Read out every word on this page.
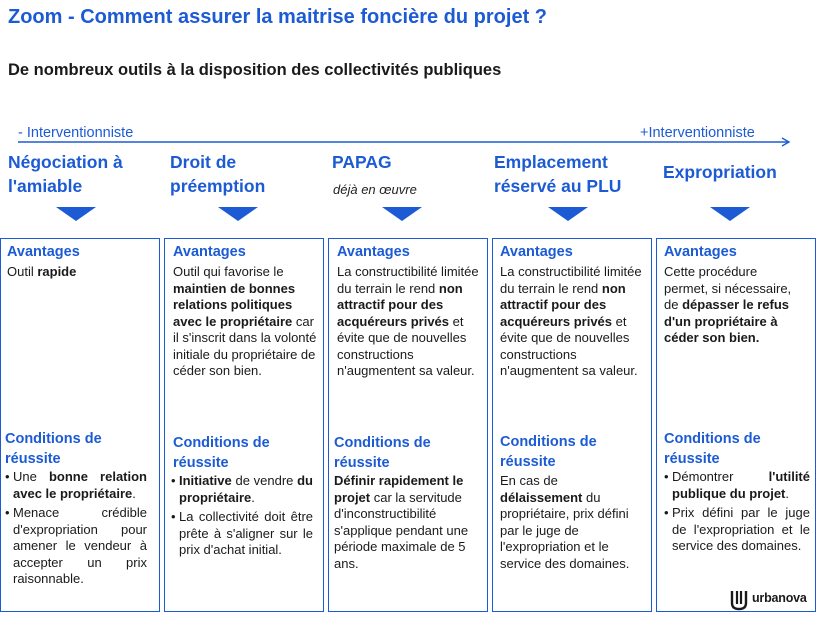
Zoom - Comment assurer la maitrise foncière du projet ?
De nombreux outils à la disposition des collectivités publiques
- Interventionniste	+Interventionniste
Négociation à
l'amiable
Avantages
Outil rapide
Conditions de
réussite
• Une bonne relation avec le propriétaire.
• Menace crédible d'expropriation pour amener le vendeur à accepter un prix raisonnable.
Droit de
préemption
Avantages
Outil qui favorise le maintien de bonnes relations politiques avec le propriétaire car il s'inscrit dans la volonté initiale du propriétaire de céder son bien.
Conditions de
réussite
• Initiative de vendre du propriétaire.
• La collectivité doit être prête à s'aligner sur le prix d'achat initial.
PAPAG
déjà en œuvre
Avantages
La constructibilité limitée du terrain le rend non attractif pour des acquéreurs privés et évite que de nouvelles constructions n'augmentent sa valeur.
Conditions de
réussite
Définir rapidement le projet car la servitude d'inconstructibilité s'applique pendant une période maximale de 5 ans.
Emplacement
réservé au PLU
Avantages
La constructibilité limitée du terrain le rend non attractif pour des acquéreurs privés et évite que de nouvelles constructions n'augmentent sa valeur.
Conditions de
réussite
En cas de délaissement du propriétaire, prix défini par le juge de l'expropriation et le service des domaines.
Expropriation
Avantages
Cette procédure permet, si nécessaire, de dépasser le refus d'un propriétaire à céder son bien.
Conditions de
réussite
• Démontrer l'utilité publique du projet.
• Prix défini par le juge de l'expropriation et le service des domaines.
urbanova
